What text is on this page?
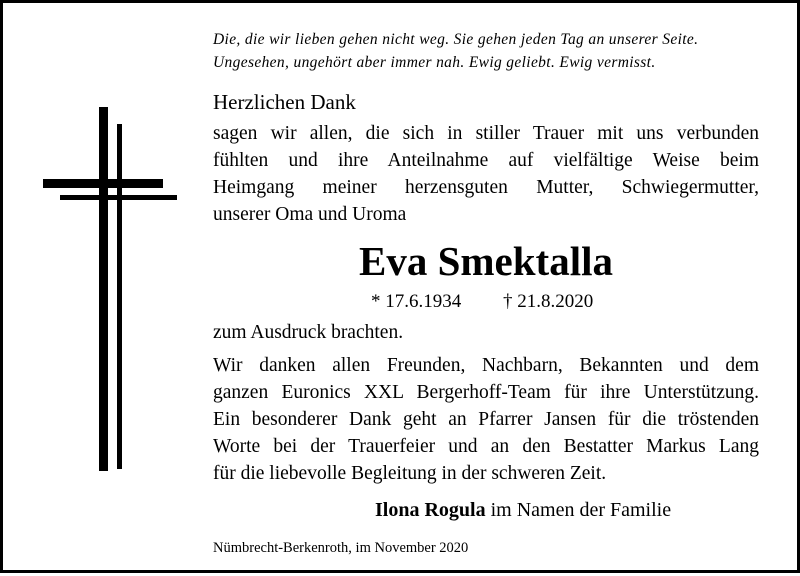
Die, die wir lieben gehen nicht weg. Sie gehen jeden Tag an unserer Seite.
Ungesehen, ungehört aber immer nah. Ewig geliebt. Ewig vermisst.
Herzlichen Dank
sagen wir allen, die sich in stiller Trauer mit uns verbunden
fühlten und ihre Anteilnahme auf vielfältige Weise beim
Heimgang meiner herzensguten Mutter, Schwiegermutter,
unserer Oma und Uroma
Eva Smektalla
* 17.6.1934 † 21.8.2020
zum Ausdruck brachten.
Wir danken allen Freunden, Nachbarn, Bekannten und dem
ganzen Euronics XXL Bergerhoff-Team für ihre Unterstützung.
Ein besonderer Dank geht an Pfarrer Jansen für die tröstenden
Worte bei der Trauerfeier und an den Bestatter Markus Lang
für die liebevolle Begleitung in der schweren Zeit.
Ilona Rogula im Namen der Familie
Nümbrecht-Berkenroth, im November 2020
